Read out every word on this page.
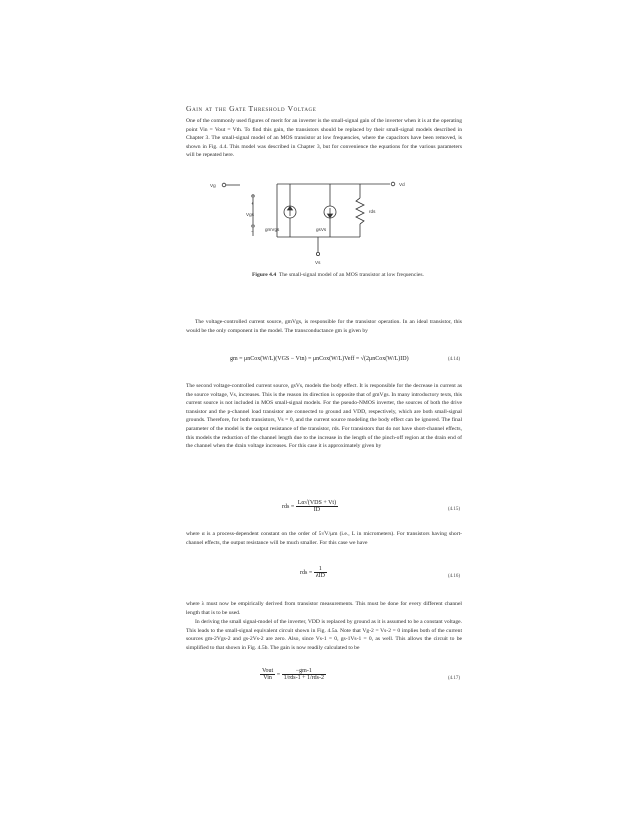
Gain at the Gate Threshold Voltage

One of the commonly used figures of merit for an inverter is the small-signal gain of the inverter when it is at the operating point Vin = Vout = Vth. To find this gain, the transistors should be replaced by their small-signal models described in Chapter 3. The small-signal model of an MOS transistor at low frequencies, where the capacitors have been removed, is shown in Fig. 4.4. This model was described in Chapter 3, but for convenience the equations for the various parameters will be repeated here.

Vg	Vd
+
Vgs
− gmVgs	gsVs
rds
Vs
Figure 4.4 The small-signal model of an MOS transistor at low frequencies.

The voltage-controlled current source, gmVgs, is responsible for the transistor operation. In an ideal transistor, this would be the only component in the model. The transconductance gm is given by

gm = μnCox(W/L)(VGS − Vtn) = μnCox(W/L)Veff = √(2μnCox(W/L)ID)	(4.14)

The second voltage-controlled current source, gsVs, models the body effect. It is responsible for the decrease in current as the source voltage, Vs, increases. This is the reason its direction is opposite that of gmVgs. In many introductory texts, this current source is not included in MOS small-signal models. For the pseudo-NMOS inverter, the sources of both the drive transistor and the p-channel load transistor are connected to ground and VDD, respectively, which are both small-signal grounds. Therefore, for both transistors, Vs = 0, and the current source modeling the body effect can be ignored. The final parameter of the model is the output resistance of the transistor, rds. For transistors that do not have short-channel effects, this models the reduction of the channel length due to the increase in the length of the pinch-off region at the drain end of the channel when the drain voltage increases. For this case it is approximately given by

rds = $\frac{\text{Lα√(VDS + Vt)}}{ID}$	(4.15)

where α is a process-dependent constant on the order of 5√V/μm (i.e., L in micrometers). For transistors having short-channel effects, the output resistance will be much smaller. For this case we have

rds = $\frac{1}{\text{λID}}$	(4.16)

where λ must now be empirically derived from transistor measurements. This must be done for every different channel length that is to be used.

In deriving the small signal-model of the inverter, VDD is replaced by ground as it is assumed to be a constant voltage. This leads to the small-signal equivalent circuit shown in Fig. 4.5a. Note that Vg-2 = Vs-2 = 0 implies both of the current sources gm-2Vgs-2 and gs-2Vs-2 are zero. Also, since Vs-1 = 0, gs-1Vs-1 = 0, as well. This allows the circuit to be simplified to that shown in Fig. 4.5b. The gain is now readily calculated to be

$\frac{\text{Vout}}{\text{Vin}} = \frac{-gm-1}{\text{1/rds-1 + 1/rds-2}}$	(4.17)
